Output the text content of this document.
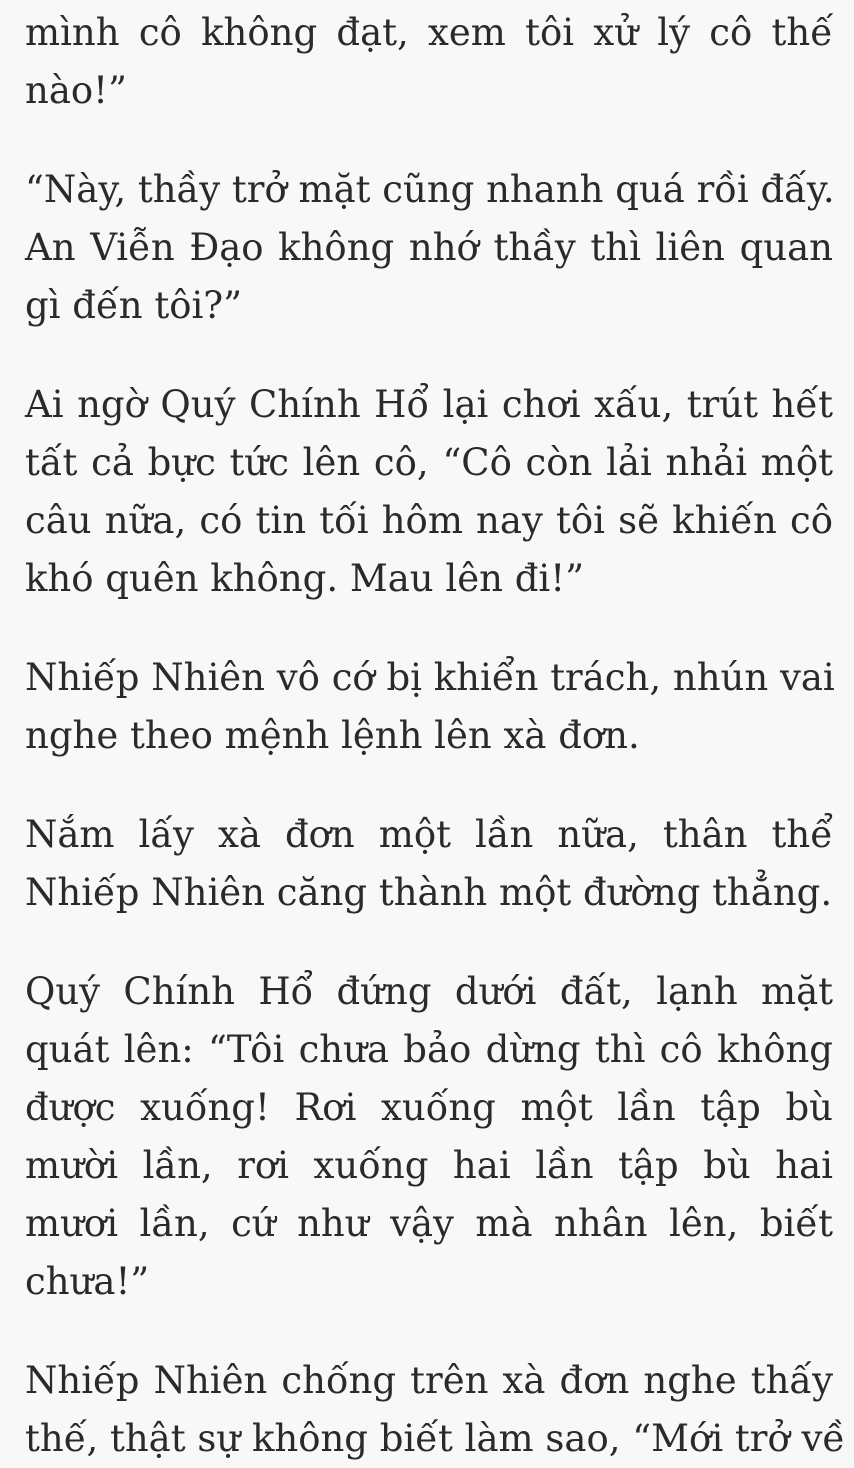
mình cô không đạt, xem tôi xử lý cô thế
nào!”
“Này, thầy trở mặt cũng nhanh quá rồi đấy.
An Viễn Đạo không nhớ thầy thì liên quan
gì đến tôi?”
Ai ngờ Quý Chính Hổ lại chơi xấu, trút hết
tất cả bực tức lên cô, “Cô còn lải nhải một
câu nữa, có tin tối hôm nay tôi sẽ khiến cô
khó quên không. Mau lên đi!”
Nhiếp Nhiên vô cớ bị khiển trách, nhún vai
nghe theo mệnh lệnh lên xà đơn.
Nắm lấy xà đơn một lần nữa, thân thể
Nhiếp Nhiên căng thành một đường thẳng.
Quý Chính Hổ đứng dưới đất, lạnh mặt
quát lên: “Tôi chưa bảo dừng thì cô không
được xuống! Rơi xuống một lần tập bù
mười lần, rơi xuống hai lần tập bù hai
mươi lần, cứ như vậy mà nhân lên, biết
chưa!”
Nhiếp Nhiên chống trên xà đơn nghe thấy
thế, thật sự không biết làm sao, “Mới trở về
